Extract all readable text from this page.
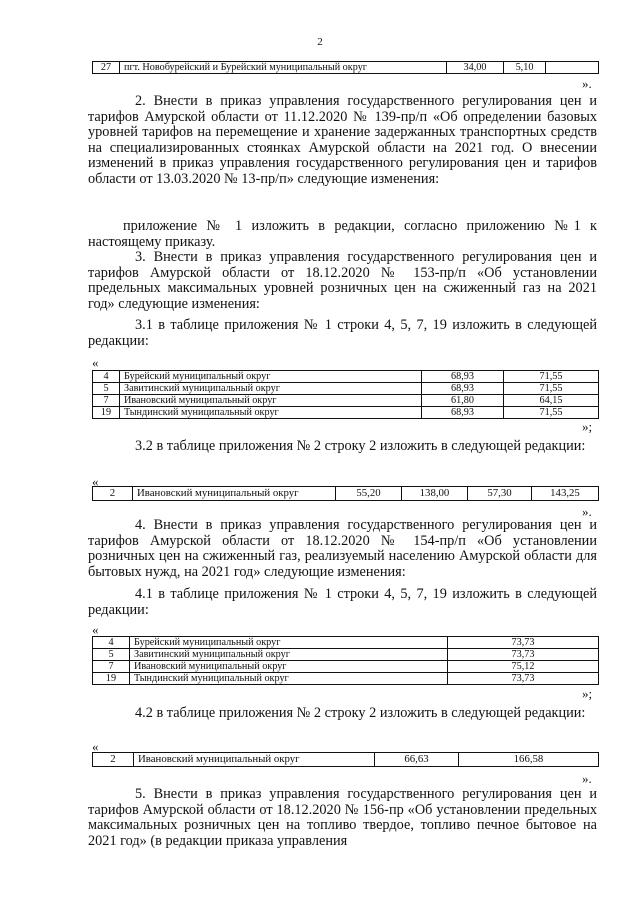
2
27	пгт. Новобурейский и Бурейский муниципальный округ	34,00	5,10	
».

2. Внести в приказ управления государственного регулирования цен и тарифов Амурской области от 11.12.2020 № 139-пр/п «Об определении базовых уровней тарифов на перемещение и хранение задержанных транспортных средств на специализированных стоянках Амурской области на 2021 год. О внесении изменений в приказ управления государственного регулирования цен и тарифов области от 13.03.2020 № 13-пр/п» следующие изменения:

приложение № 1 изложить в редакции, согласно приложению №1 к настоящему приказу.

3. Внести в приказ управления государственного регулирования цен и тарифов Амурской области от 18.12.2020 № 153-пр/п «Об установлении предельных максимальных уровней розничных цен на сжиженный газ на 2021 год» следующие изменения:

3.1 в таблице приложения № 1 строки 4, 5, 7, 19 изложить в следующей редакции:

«
4	Бурейский муниципальный округ	68,93	71,55
5	Завитинский муниципальный округ	68,93	71,55
7	Ивановский муниципальный округ	61,80	64,15
19	Тындинский муниципальный округ	68,93	71,55
»;

3.2 в таблице приложения № 2 строку 2 изложить в следующей редакции:

«
2	Ивановский муниципальный округ	55,20	138,00	57,30	143,25
».

4. Внести в приказ управления государственного регулирования цен и тарифов Амурской области от 18.12.2020 № 154-пр/п «Об установлении розничных цен на сжиженный газ, реализуемый населению Амурской области для бытовых нужд, на 2021 год» следующие изменения:

4.1 в таблице приложения № 1 строки 4, 5, 7, 19 изложить в следующей редакции:

«
4	Бурейский муниципальный округ	73,73
5	Завитинский муниципальный округ	73,73
7	Ивановский муниципальный округ	75,12
19	Тындинский муниципальный округ	73,73
»;

4.2 в таблице приложения № 2 строку 2 изложить в следующей редакции:

«
2	Ивановский муниципальный округ	66,63	166,58
».

5. Внести в приказ управления государственного регулирования цен и тарифов Амурской области от 18.12.2020 № 156-пр «Об установлении предельных максимальных розничных цен на топливо твердое, топливо печное бытовое на 2021 год» (в редакции приказа управления
